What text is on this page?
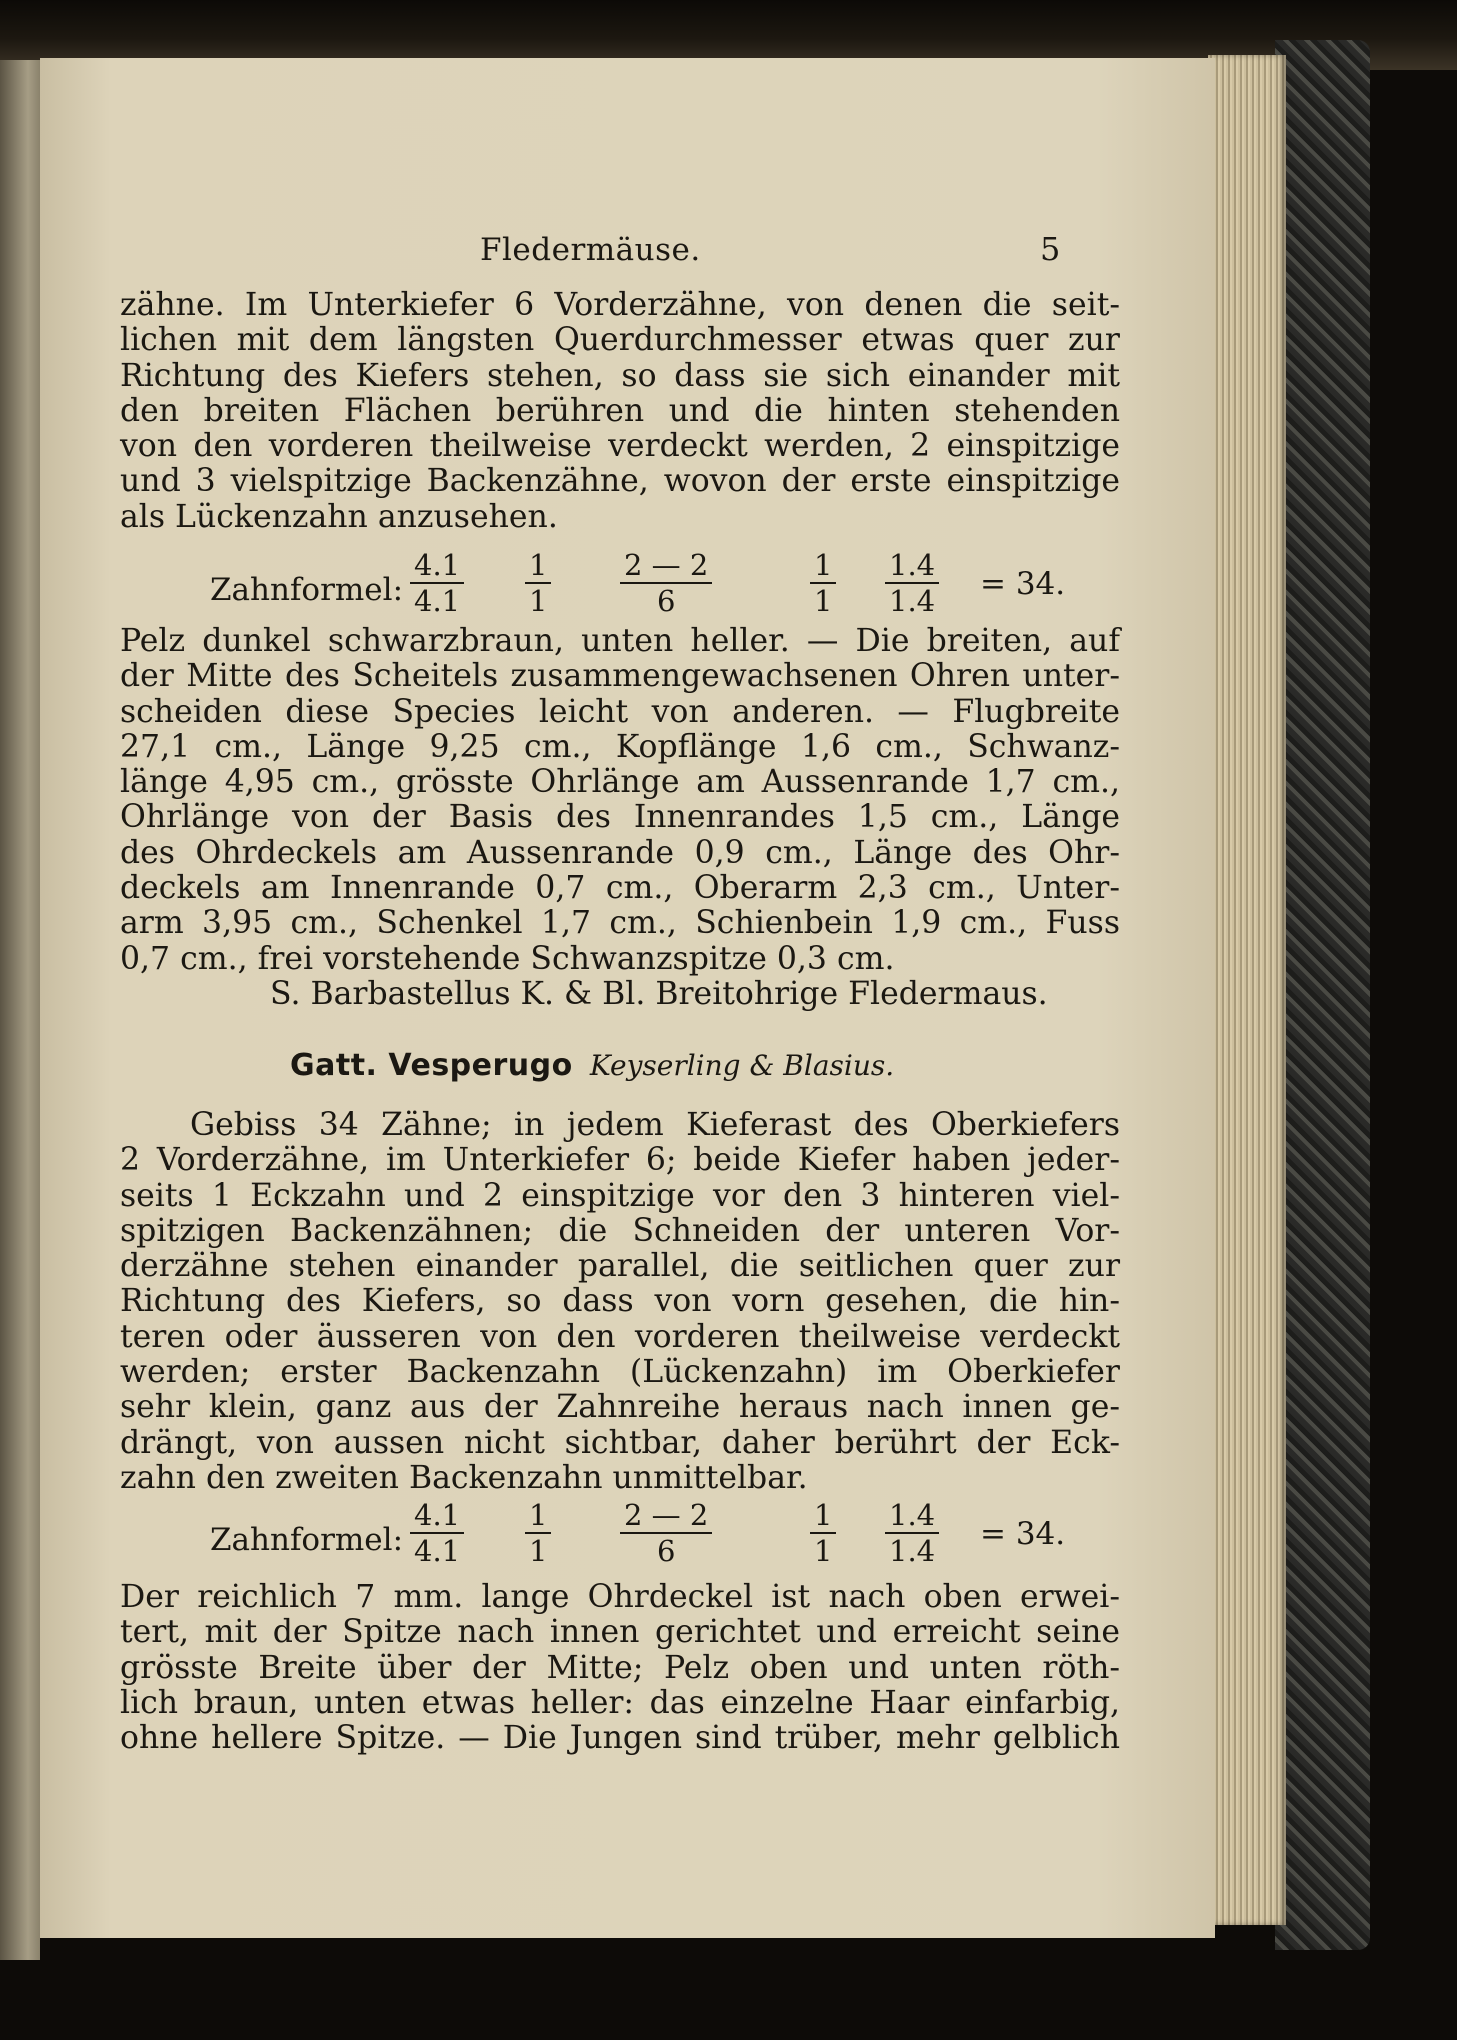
Fledermäuse.	5
zähne. Im Unterkiefer 6 Vorderzähne, von denen die seit-
lichen mit dem längsten Querdurchmesser etwas quer zur
Richtung des Kiefers stehen, so dass sie sich einander mit
den breiten Flächen berühren und die hinten stehenden
von den vorderen theilweise verdeckt werden, 2 einspitzige
und 3 vielspitzige Backenzähne, wovon der erste einspitzige
als Lückenzahn anzusehen.
Zahnformel: $\frac{4.1}{4.1} \frac{1}{1} \frac{2 — 2}{6}$	$\frac{1}{1} \frac{1.4}{1.4} = 34$.
Pelz dunkel schwarzbraun, unten heller. — Die breiten, auf
der Mitte des Scheitels zusammengewachsenen Ohren unter-
scheiden diese Species leicht von anderen. — Flugbreite
27,1 cm., Länge 9,25 cm., Kopflänge 1,6 cm., Schwanz-
länge 4,95 cm., grösste Ohrlänge am Aussenrande 1,7 cm.,
Ohrlänge von der Basis des Innenrandes 1,5 cm., Länge
des Ohrdeckels am Aussenrande 0,9 cm., Länge des Ohr-
deckels am Innenrande 0,7 cm., Oberarm 2,3 cm., Unter-
arm 3,95 cm., Schenkel 1,7 cm., Schienbein 1,9 cm., Fuss
0,7 cm., frei vorstehende Schwanzspitze 0,3 cm.
S. Barbastellus K. & Bl. Breitohrige Fledermaus.
Gatt. Vesperugo Keyserling & Blasius.
Gebiss 34 Zähne; in jedem Kieferast des Oberkiefers
2 Vorderzähne, im Unterkiefer 6; beide Kiefer haben jeder-
seits 1 Eckzahn und 2 einspitzige vor den 3 hinteren viel-
spitzigen Backenzähnen; die Schneiden der unteren Vor-
derzähne stehen einander parallel, die seitlichen quer zur
Richtung des Kiefers, so dass von vorn gesehen, die hin-
teren oder äusseren von den vorderen theilweise verdeckt
werden; erster Backenzahn (Lückenzahn) im Oberkiefer
sehr klein, ganz aus der Zahnreihe heraus nach innen ge-
drängt, von aussen nicht sichtbar, daher berührt der Eck-
zahn den zweiten Backenzahn unmittelbar.
Zahnformel: $\frac{4.1}{4.1} \frac{1}{1} \frac{2 — 2}{6}$	$\frac{1}{1} \frac{1.4}{1.4} = 34$.
Der reichlich 7 mm. lange Ohrdeckel ist nach oben erwei-
tert, mit der Spitze nach innen gerichtet und erreicht seine
grösste Breite über der Mitte; Pelz oben und unten röth-
lich braun, unten etwas heller: das einzelne Haar einfarbig,
ohne hellere Spitze. — Die Jungen sind trüber, mehr gelblich
